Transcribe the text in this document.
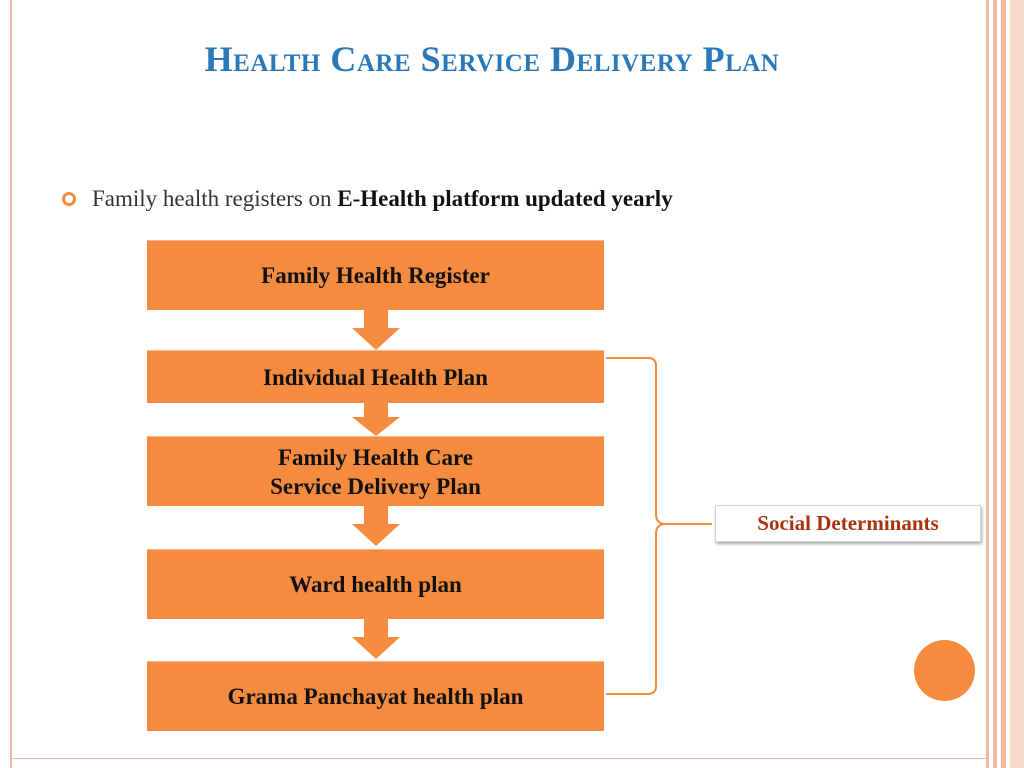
Health Care Service Delivery Plan
Family health registers on E-Health platform updated yearly
Family Health Register
Individual Health Plan
Family Health Care Service Delivery Plan
Ward health plan
Grama Panchayat health plan
Social Determinants
